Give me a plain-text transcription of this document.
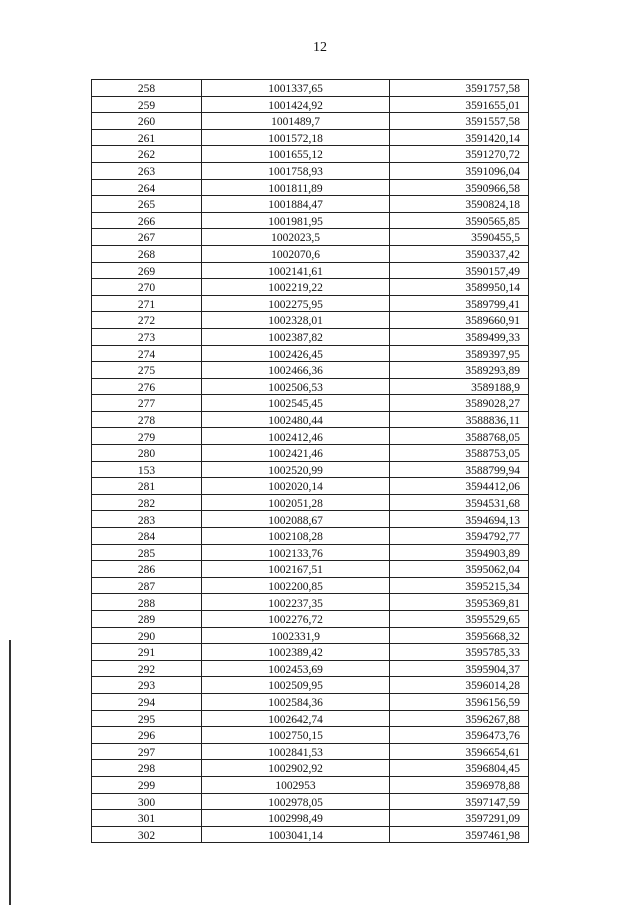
12
258	1001337,65	3591757,58
259	1001424,92	3591655,01
260	1001489,7	3591557,58
261	1001572,18	3591420,14
262	1001655,12	3591270,72
263	1001758,93	3591096,04
264	1001811,89	3590966,58
265	1001884,47	3590824,18
266	1001981,95	3590565,85
267	1002023,5	3590455,5
268	1002070,6	3590337,42
269	1002141,61	3590157,49
270	1002219,22	3589950,14
271	1002275,95	3589799,41
272	1002328,01	3589660,91
273	1002387,82	3589499,33
274	1002426,45	3589397,95
275	1002466,36	3589293,89
276	1002506,53	3589188,9
277	1002545,45	3589028,27
278	1002480,44	3588836,11
279	1002412,46	3588768,05
280	1002421,46	3588753,05
153	1002520,99	3588799,94
281	1002020,14	3594412,06
282	1002051,28	3594531,68
283	1002088,67	3594694,13
284	1002108,28	3594792,77
285	1002133,76	3594903,89
286	1002167,51	3595062,04
287	1002200,85	3595215,34
288	1002237,35	3595369,81
289	1002276,72	3595529,65
290	1002331,9	3595668,32
291	1002389,42	3595785,33
292	1002453,69	3595904,37
293	1002509,95	3596014,28
294	1002584,36	3596156,59
295	1002642,74	3596267,88
296	1002750,15	3596473,76
297	1002841,53	3596654,61
298	1002902,92	3596804,45
299	1002953	3596978,88
300	1002978,05	3597147,59
301	1002998,49	3597291,09
302	1003041,14	3597461,98
